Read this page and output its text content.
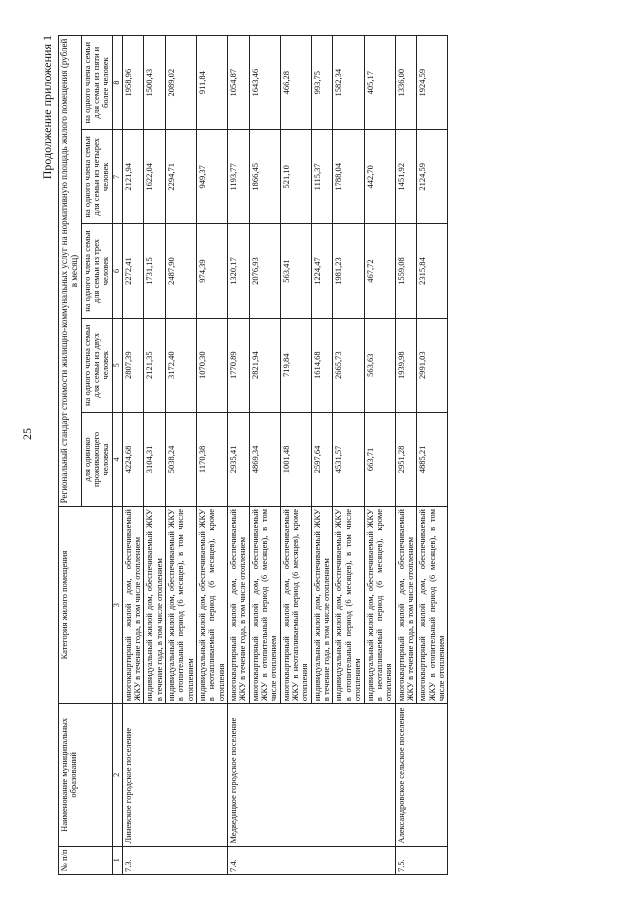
25
Продолжение приложения 1
№ п/п	Наименование муниципальных образований	Категория жилого помещения	Региональный стандарт стоимости жилищно-коммунальных услуг на нормативную площадь жилого помещения (рублей в месяц)				
			для одиноко проживающего человека	на одного члена семьи для семьи из двух человек	на одного члена семьи для семьи из трех человек	на одного члена семьи для семьи из четырех человек	на одного члена семьи для семьи из пяти и более человек
1	2	3	4	5	6	7	8
7.3.	Линевское городское поселение	многоквартирный жилой дом, обеспечиваемый ЖКУ в течение года, в том числе отоплением	4224,68	2807,39	2272,41	2121,94	1958,96
		индивидуальный жилой дом, обеспечиваемый ЖКУ в течение года, в том числе отоплением	3104,31	2121,35	1731,15	1622,04	1500,43
		индивидуальный жилой дом, обеспечиваемый ЖКУ в отопительный период (6 месяцев), в том числе отоплением	5038,24	3172,40	2487,90	2294,71	2089,02
		индивидуальный жилой дом, обеспечиваемый ЖКУ в неотапливаемый период (6 месяцев), кроме отопления	1170,38	1070,30	974,39	949,37	911,84
7.4.	Медведицкое городское поселение	многоквартирный жилой дом, обеспечиваемый ЖКУ в течение года, в том числе отоплением	2935,41	1770,89	1320,17	1193,77	1054,87
		многоквартирный жилой дом, обеспечиваемый ЖКУ в отопительный период (6 месяцев), в том числе отоплением	4869,34	2821,94	2076,93	1866,45	1643,46
		многоквартирный жилой дом, обеспечиваемый ЖКУ в неотапливаемый период (6 месяцев), кроме отопления	1001,48	719,84	563,41	521,10	466,28
		индивидуальный жилой дом, обеспечиваемый ЖКУ в течение года, в том числе отоплением	2597,64	1614,68	1224,47	1115,37	993,75
		индивидуальный жилой дом, обеспечиваемый ЖКУ в отопительный период (6 месяцев), в том числе отоплением	4531,57	2665,73	1981,23	1788,04	1582,34
		индивидуальный жилой дом, обеспечиваемый ЖКУ в неотапливаемый период (6 месяцев), кроме отопления	663,71	563,63	467,72	442,70	405,17
7.5.	Александровское сельское поселение	многоквартирный жилой дом, обеспечиваемый ЖКУ в течение года, в том числе отоплением	2951,28	1939,98	1559,08	1451,92	1336,00
		многоквартирный жилой дом, обеспечиваемый ЖКУ в отопительный период (6 месяцев), в том числе отоплением	4885,21	2991,03	2315,84	2124,59	1924,59
